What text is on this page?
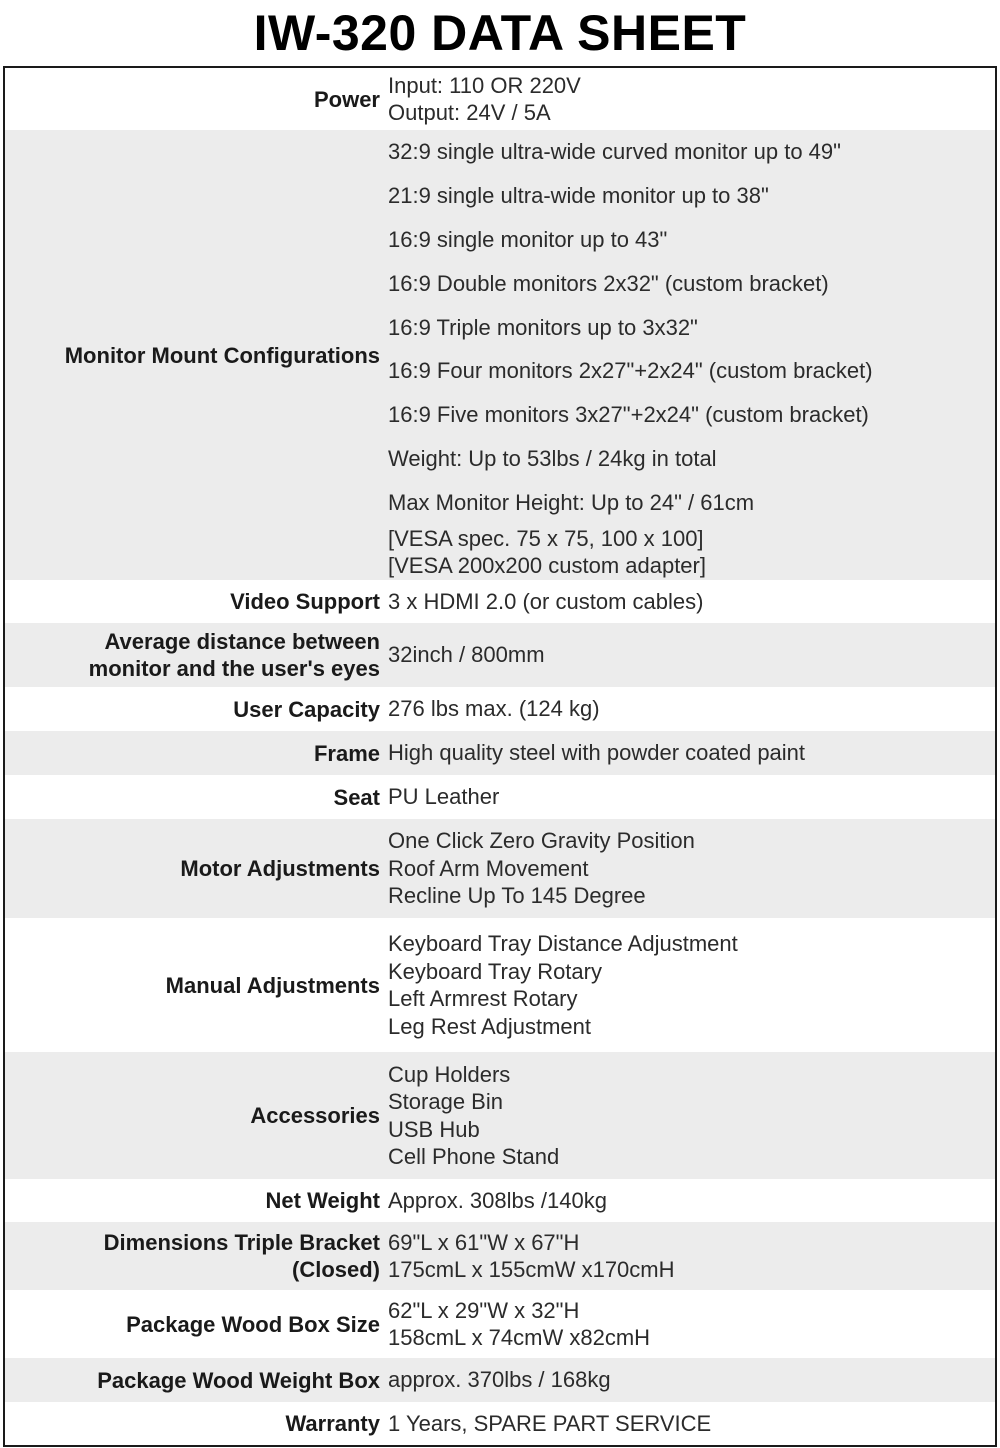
IW-320 DATA SHEET
Power
Input: 110 OR 220V
Output: 24V / 5A
Monitor Mount Configurations
32:9 single ultra-wide curved monitor up to 49"
21:9 single ultra-wide monitor up to 38"
16:9 single monitor up to 43"
16:9 Double monitors 2x32" (custom bracket)
16:9 Triple monitors up to 3x32"
16:9 Four monitors 2x27"+2x24" (custom bracket)
16:9 Five monitors 3x27"+2x24" (custom bracket)
Weight: Up to 53lbs / 24kg in total
Max Monitor Height: Up to 24" / 61cm
[VESA spec. 75 x 75, 100 x 100]
[VESA 200x200 custom adapter]
Video Support 3 x HDMI 2.0 (or custom cables)
Average distance between
monitor and the user's eyes
32inch / 800mm
User Capacity 276 lbs max. (124 kg)
Frame High quality steel with powder coated paint
Seat PU Leather
Motor Adjustments
One Click Zero Gravity Position
Roof Arm Movement
Recline Up To 145 Degree
Manual Adjustments
Keyboard Tray Distance Adjustment
Keyboard Tray Rotary
Left Armrest Rotary
Leg Rest Adjustment
Accessories
Cup Holders
Storage Bin
USB Hub
Cell Phone Stand
Net Weight Approx. 308lbs /140kg
Dimensions Triple Bracket
(Closed)
69"L x 61"W x 67"H
175cmL x 155cmW x170cmH
Package Wood Box Size
62"L x 29"W x 32"H
158cmL x 74cmW x82cmH
Package Wood Weight Box approx. 370lbs / 168kg
Warranty 1 Years, SPARE PART SERVICE
